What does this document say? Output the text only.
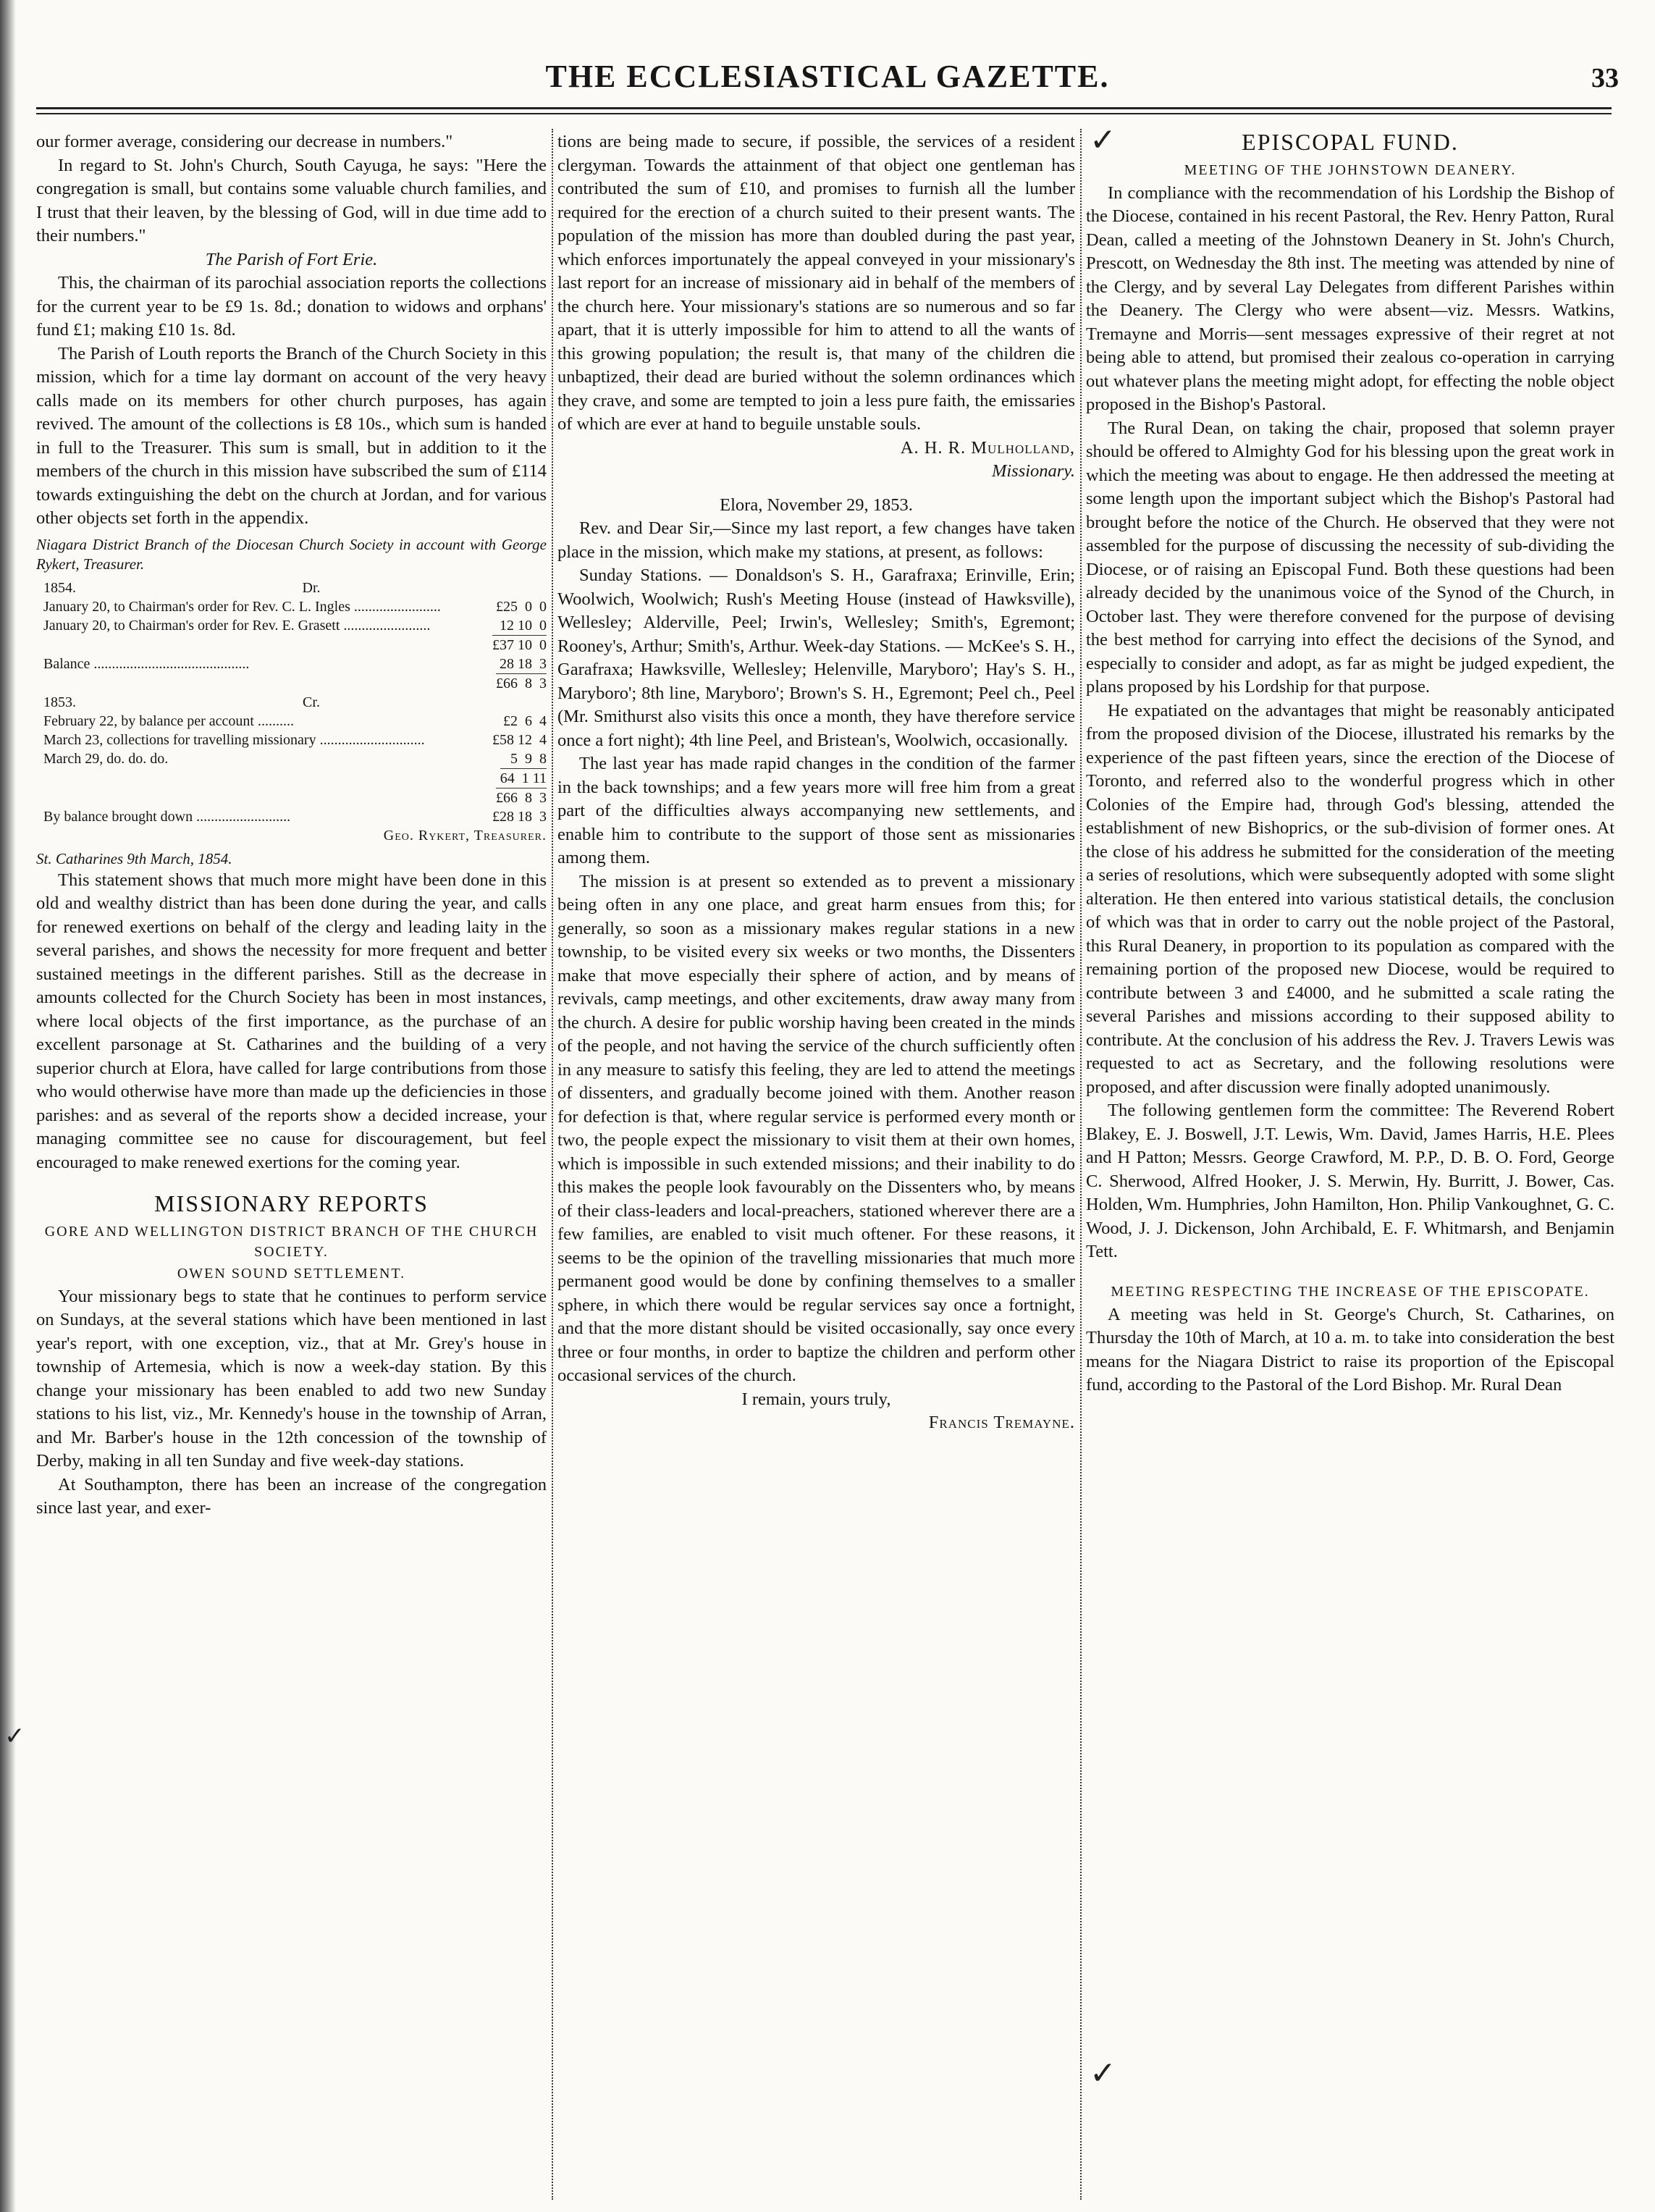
THE ECCLESIASTICAL GAZETTE.	33

our former average, considering our decrease in numbers."

In regard to St. John's Church, South Cayuga, he says: "Here the congregation is small, but contains some valuable church families, and I trust that their leaven, by the blessing of God, will in due time add to their numbers."

The Parish of Fort Erie.

This, the chairman of its parochial association reports the collections for the current year to be £9 1s. 8d.; donation to widows and orphans' fund £1; making £10 1s. 8d.

The Parish of Louth reports the Branch of the Church Society in this mission, which for a time lay dormant on account of the very heavy calls made on its members for other church purposes, has again revived. The amount of the collections is £8 10s., which sum is handed in full to the Treasurer. This sum is small, but in addition to it the members of the church in this mission have subscribed the sum of £114 towards extinguishing the debt on the church at Jordan, and for various other objects set forth in the appendix.

Niagara District Branch of the Diocesan Church Society in account with George Rykert, Treasurer.

1854.	Dr.
January 20, to Chairman's order for Rev. C. L. Ingles ........................	£25  0  0
January 20, to Chairman's order for Rev. E. Grasett ........................	12 10  0
£37 10  0
Balance ...........................................	28 18  3
£66  8  3
1853.	Cr.
February 22, by balance per account ..........	£2  6  4
March 23, collections for travelling missionary .............................	£58 12  4
March 29, do. do. do.	5  9  8
64  1 11
£66  8  3
By balance brought down ..........................	£28 18  3
Geo. Rykert, Treasurer.

St. Catharines 9th March, 1854.

This statement shows that much more might have been done in this old and wealthy district than has been done during the year, and calls for renewed exertions on behalf of the clergy and leading laity in the several parishes, and shows the necessity for more frequent and better sustained meetings in the different parishes. Still as the decrease in amounts collected for the Church Society has been in most instances, where local objects of the first importance, as the purchase of an excellent parsonage at St. Catharines and the building of a very superior church at Elora, have called for large contributions from those who would otherwise have more than made up the deficiencies in those parishes: and as several of the reports show a decided increase, your managing committee see no cause for discouragement, but feel encouraged to make renewed exertions for the coming year.

MISSIONARY REPORTS
GORE AND WELLINGTON DISTRICT BRANCH OF THE CHURCH SOCIETY.
OWEN SOUND SETTLEMENT.

Your missionary begs to state that he continues to perform service on Sundays, at the several stations which have been mentioned in last year's report, with one exception, viz., that at Mr. Grey's house in township of Artemesia, which is now a week-day station. By this change your missionary has been enabled to add two new Sunday stations to his list, viz., Mr. Kennedy's house in the township of Arran, and Mr. Barber's house in the 12th concession of the township of Derby, making in all ten Sunday and five week-day stations.

At Southampton, there has been an increase of the congregation since last year, and exer-

tions are being made to secure, if possible, the services of a resident clergyman. Towards the attainment of that object one gentleman has contributed the sum of £10, and promises to furnish all the lumber required for the erection of a church suited to their present wants. The population of the mission has more than doubled during the past year, which enforces importunately the appeal conveyed in your missionary's last report for an increase of missionary aid in behalf of the members of the church here. Your missionary's stations are so numerous and so far apart, that it is utterly impossible for him to attend to all the wants of this growing population; the result is, that many of the children die unbaptized, their dead are buried without the solemn ordinances which they crave, and some are tempted to join a less pure faith, the emissaries of which are ever at hand to beguile unstable souls.

A. H. R. Mulholland,

Missionary.

Elora, November 29, 1853.

Rev. and Dear Sir,—Since my last report, a few changes have taken place in the mission, which make my stations, at present, as follows:

Sunday Stations. — Donaldson's S. H., Garafraxa; Erinville, Erin; Woolwich, Woolwich; Rush's Meeting House (instead of Hawksville), Wellesley; Alderville, Peel; Irwin's, Wellesley; Smith's, Egremont; Rooney's, Arthur; Smith's, Arthur. Week-day Stations. — McKee's S. H., Garafraxa; Hawksville, Wellesley; Helenville, Maryboro'; Hay's S. H., Maryboro'; 8th line, Maryboro'; Brown's S. H., Egremont; Peel ch., Peel (Mr. Smithurst also visits this once a month, they have therefore service once a fort night); 4th line Peel, and Bristean's, Woolwich, occasionally.

The last year has made rapid changes in the condition of the farmer in the back townships; and a few years more will free him from a great part of the difficulties always accompanying new settlements, and enable him to contribute to the support of those sent as missionaries among them.

The mission is at present so extended as to prevent a missionary being often in any one place, and great harm ensues from this; for generally, so soon as a missionary makes regular stations in a new township, to be visited every six weeks or two months, the Dissenters make that move especially their sphere of action, and by means of revivals, camp meetings, and other excitements, draw away many from the church. A desire for public worship having been created in the minds of the people, and not having the service of the church sufficiently often in any measure to satisfy this feeling, they are led to attend the meetings of dissenters, and gradually become joined with them. Another reason for defection is that, where regular service is performed every month or two, the people expect the missionary to visit them at their own homes, which is impossible in such extended missions; and their inability to do this makes the people look favourably on the Dissenters who, by means of their class-leaders and local-preachers, stationed wherever there are a few families, are enabled to visit much oftener. For these reasons, it seems to be the opinion of the travelling missionaries that much more permanent good would be done by confining themselves to a smaller sphere, in which there would be regular services say once a fortnight, and that the more distant should be visited occasionally, say once every three or four months, in order to baptize the children and perform other occasional services of the church.

I remain, yours truly,

Francis Tremayne.

EPISCOPAL FUND.
MEETING OF THE JOHNSTOWN DEANERY.

In compliance with the recommendation of his Lordship the Bishop of the Diocese, contained in his recent Pastoral, the Rev. Henry Patton, Rural Dean, called a meeting of the Johnstown Deanery in St. John's Church, Prescott, on Wednesday the 8th inst. The meeting was attended by nine of the Clergy, and by several Lay Delegates from different Parishes within the Deanery. The Clergy who were absent—viz. Messrs. Watkins, Tremayne and Morris—sent messages expressive of their regret at not being able to attend, but promised their zealous co-operation in carrying out whatever plans the meeting might adopt, for effecting the noble object proposed in the Bishop's Pastoral.

The Rural Dean, on taking the chair, proposed that solemn prayer should be offered to Almighty God for his blessing upon the great work in which the meeting was about to engage. He then addressed the meeting at some length upon the important subject which the Bishop's Pastoral had brought before the notice of the Church. He observed that they were not assembled for the purpose of discussing the necessity of sub-dividing the Diocese, or of raising an Episcopal Fund. Both these questions had been already decided by the unanimous voice of the Synod of the Church, in October last. They were therefore convened for the purpose of devising the best method for carrying into effect the decisions of the Synod, and especially to consider and adopt, as far as might be judged expedient, the plans proposed by his Lordship for that purpose.

He expatiated on the advantages that might be reasonably anticipated from the proposed division of the Diocese, illustrated his remarks by the experience of the past fifteen years, since the erection of the Diocese of Toronto, and referred also to the wonderful progress which in other Colonies of the Empire had, through God's blessing, attended the establishment of new Bishoprics, or the sub-division of former ones. At the close of his address he submitted for the consideration of the meeting a series of resolutions, which were subsequently adopted with some slight alteration. He then entered into various statistical details, the conclusion of which was that in order to carry out the noble project of the Pastoral, this Rural Deanery, in proportion to its population as compared with the remaining portion of the proposed new Diocese, would be required to contribute between 3 and £4000, and he submitted a scale rating the several Parishes and missions according to their supposed ability to contribute. At the conclusion of his address the Rev. J. Travers Lewis was requested to act as Secretary, and the following resolutions were proposed, and after discussion were finally adopted unanimously.

The following gentlemen form the committee: The Reverend Robert Blakey, E. J. Boswell, J.T. Lewis, Wm. David, James Harris, H.E. Plees and H Patton; Messrs. George Crawford, M. P.P., D. B. O. Ford, George C. Sherwood, Alfred Hooker, J. S. Merwin, Hy. Burritt, J. Bower, Cas. Holden, Wm. Humphries, John Hamilton, Hon. Philip Vankoughnet, G. C. Wood, J. J. Dickenson, John Archibald, E. F. Whitmarsh, and Benjamin Tett.

MEETING RESPECTING THE INCREASE OF THE EPISCOPATE.

A meeting was held in St. George's Church, St. Catharines, on Thursday the 10th of March, at 10 a. m. to take into consideration the best means for the Niagara District to raise its proportion of the Episcopal fund, according to the Pastoral of the Lord Bishop. Mr. Rural Dean

✓
✓
✓
